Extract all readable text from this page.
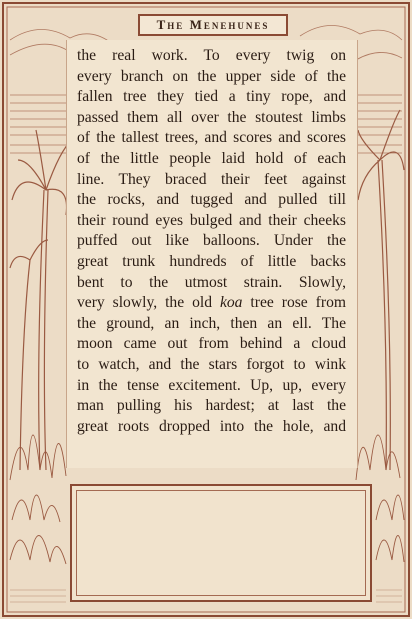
The Menehunes
the real work. To every twig on
every branch on the upper side of the
fallen tree they tied a tiny rope, and
passed them all over the stoutest limbs
of the tallest trees, and scores and scores
of the little people laid hold of each
line. They braced their feet against
the rocks, and tugged and pulled till
their round eyes bulged and their cheeks
puffed out like balloons. Under the
great trunk hundreds of little backs
bent to the utmost strain. Slowly,
very slowly, the old koa tree rose from
the ground, an inch, then an ell. The
moon came out from behind a cloud
to watch, and the stars forgot to wink
in the tense excitement. Up, up, every
man pulling his hardest; at last the
great roots dropped into the hole, and
